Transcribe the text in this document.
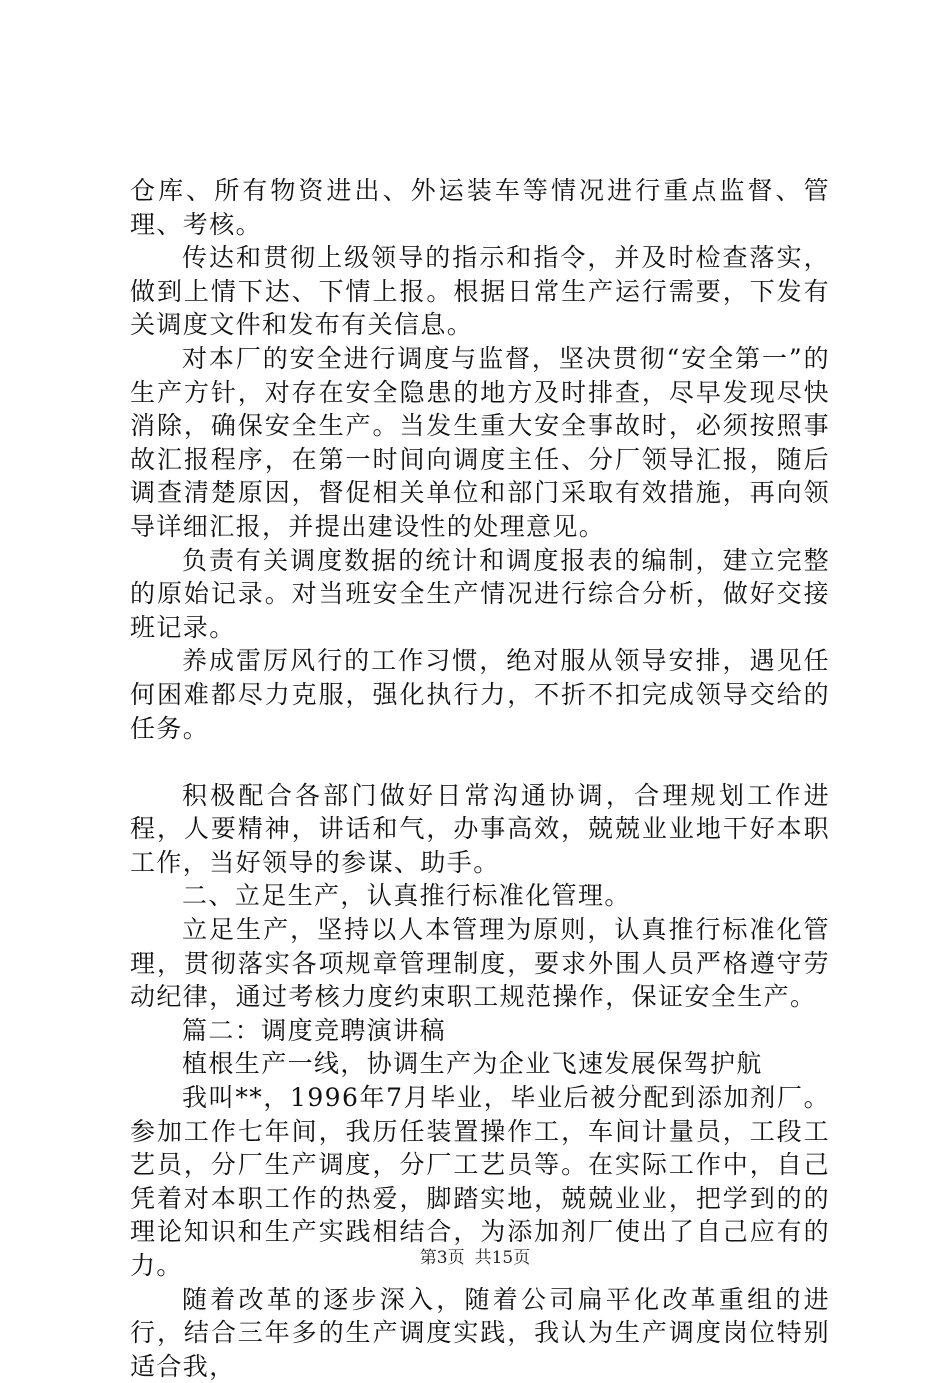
仓库、所有物资进出、外运装车等情况进行重点监督、管理、考核。

传达和贯彻上级领导的指示和指令，并及时检查落实，做到上情下达、下情上报。根据日常生产运行需要，下发有关调度文件和发布有关信息。

对本厂的安全进行调度与监督，坚决贯彻“安全第一”的生产方针，对存在安全隐患的地方及时排查，尽早发现尽快消除，确保安全生产。当发生重大安全事故时，必须按照事故汇报程序，在第一时间向调度主任、分厂领导汇报，随后调查清楚原因，督促相关单位和部门采取有效措施，再向领导详细汇报，并提出建设性的处理意见。

负责有关调度数据的统计和调度报表的编制，建立完整的原始记录。对当班安全生产情况进行综合分析，做好交接班记录。

养成雷厉风行的工作习惯，绝对服从领导安排，遇见任何困难都尽力克服，强化执行力，不折不扣完成领导交给的任务。

积极配合各部门做好日常沟通协调，合理规划工作进程，人要精神，讲话和气，办事高效，兢兢业业地干好本职工作，当好领导的参谋、助手。

二、立足生产，认真推行标准化管理。

立足生产，坚持以人本管理为原则，认真推行标准化管理，贯彻落实各项规章管理制度，要求外围人员严格遵守劳动纪律，通过考核力度约束职工规范操作，保证安全生产。

篇二：调度竞聘演讲稿

植根生产一线，协调生产为企业飞速发展保驾护航

我叫**，1996年7月毕业，毕业后被分配到添加剂厂。参加工作七年间，我历任装置操作工，车间计量员，工段工艺员，分厂生产调度，分厂工艺员等。在实际工作中，自己凭着对本职工作的热爱，脚踏实地，兢兢业业，把学到的的理论知识和生产实践相结合，为添加剂厂使出了自己应有的力。

随着改革的逐步深入，随着公司扁平化改革重组的进行，结合三年多的生产调度实践，我认为生产调度岗位特别适合我，

第3页 共15页
